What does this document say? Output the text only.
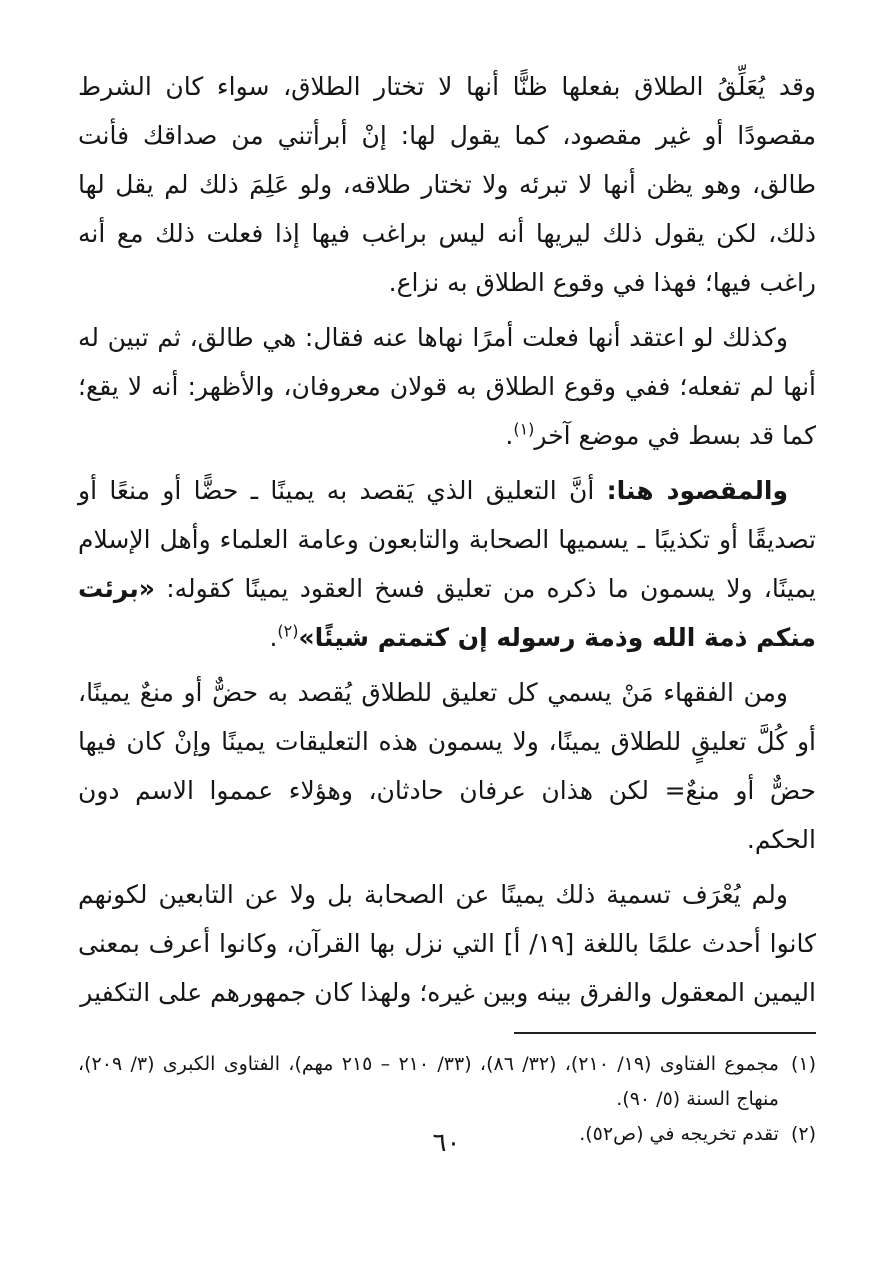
وقد يُعَلِّقُ الطلاق بفعلها ظنًّا أنها لا تختار الطلاق، سواء كان الشرط مقصودًا أو غير مقصود، كما يقول لها: إنْ أبرأتني من صداقك فأنت طالق، وهو يظن أنها لا تبرئه ولا تختار طلاقه، ولو عَلِمَ ذلك لم يقل لها ذلك، لكن يقول ذلك ليريها أنه ليس براغب فيها إذا فعلت ذلك مع أنه راغب فيها؛ فهذا في وقوع الطلاق به نزاع.

وكذلك لو اعتقد أنها فعلت أمرًا نهاها عنه فقال: هي طالق، ثم تبين له أنها لم تفعله؛ ففي وقوع الطلاق به قولان معروفان، والأظهر: أنه لا يقع؛ كما قد بسط في موضع آخر$^{(١)}$.

والمقصود هنا: أنَّ التعليق الذي يَقصد به يمينًا ـ حضًّا أو منعًا أو تصديقًا أو تكذيبًا ـ يسميها الصحابة والتابعون وعامة العلماء وأهل الإسلام يمينًا، ولا يسمون ما ذكره من تعليق فسخ العقود يمينًا كقوله: «برئت منكم ذمة الله وذمة رسوله إن كتمتم شيئًا»$^{(٢)}$.

ومن الفقهاء مَنْ يسمي كل تعليق للطلاق يُقصد به حضٌّ أو منعٌ يمينًا، أو كُلَّ تعليقٍ للطلاق يمينًا، ولا يسمون هذه التعليقات يمينًا وإنْ كان فيها حضٌّ أو منعٌ= لكن هذان عرفان حادثان، وهؤلاء عمموا الاسم دون الحكم.

ولم يُعْرَف تسمية ذلك يمينًا عن الصحابة بل ولا عن التابعين لكونهم كانوا أحدث علمًا باللغة [١٩/ أ] التي نزل بها القرآن، وكانوا أعرف بمعنى اليمين المعقول والفرق بينه وبين غيره؛ ولهذا كان جمهورهم على التكفير

(١)
مجموع الفتاوى (١٩/ ٢١٠)، (٣٢/ ٨٦)، (٣٣/ ٢١٠ – ٢١٥ مهم)، الفتاوى الكبرى (٣/ ٢٠٩)، منهاج السنة (٥/ ٩٠).
(٢)
تقدم تخريجه في (ص٥٢).
٦٠
